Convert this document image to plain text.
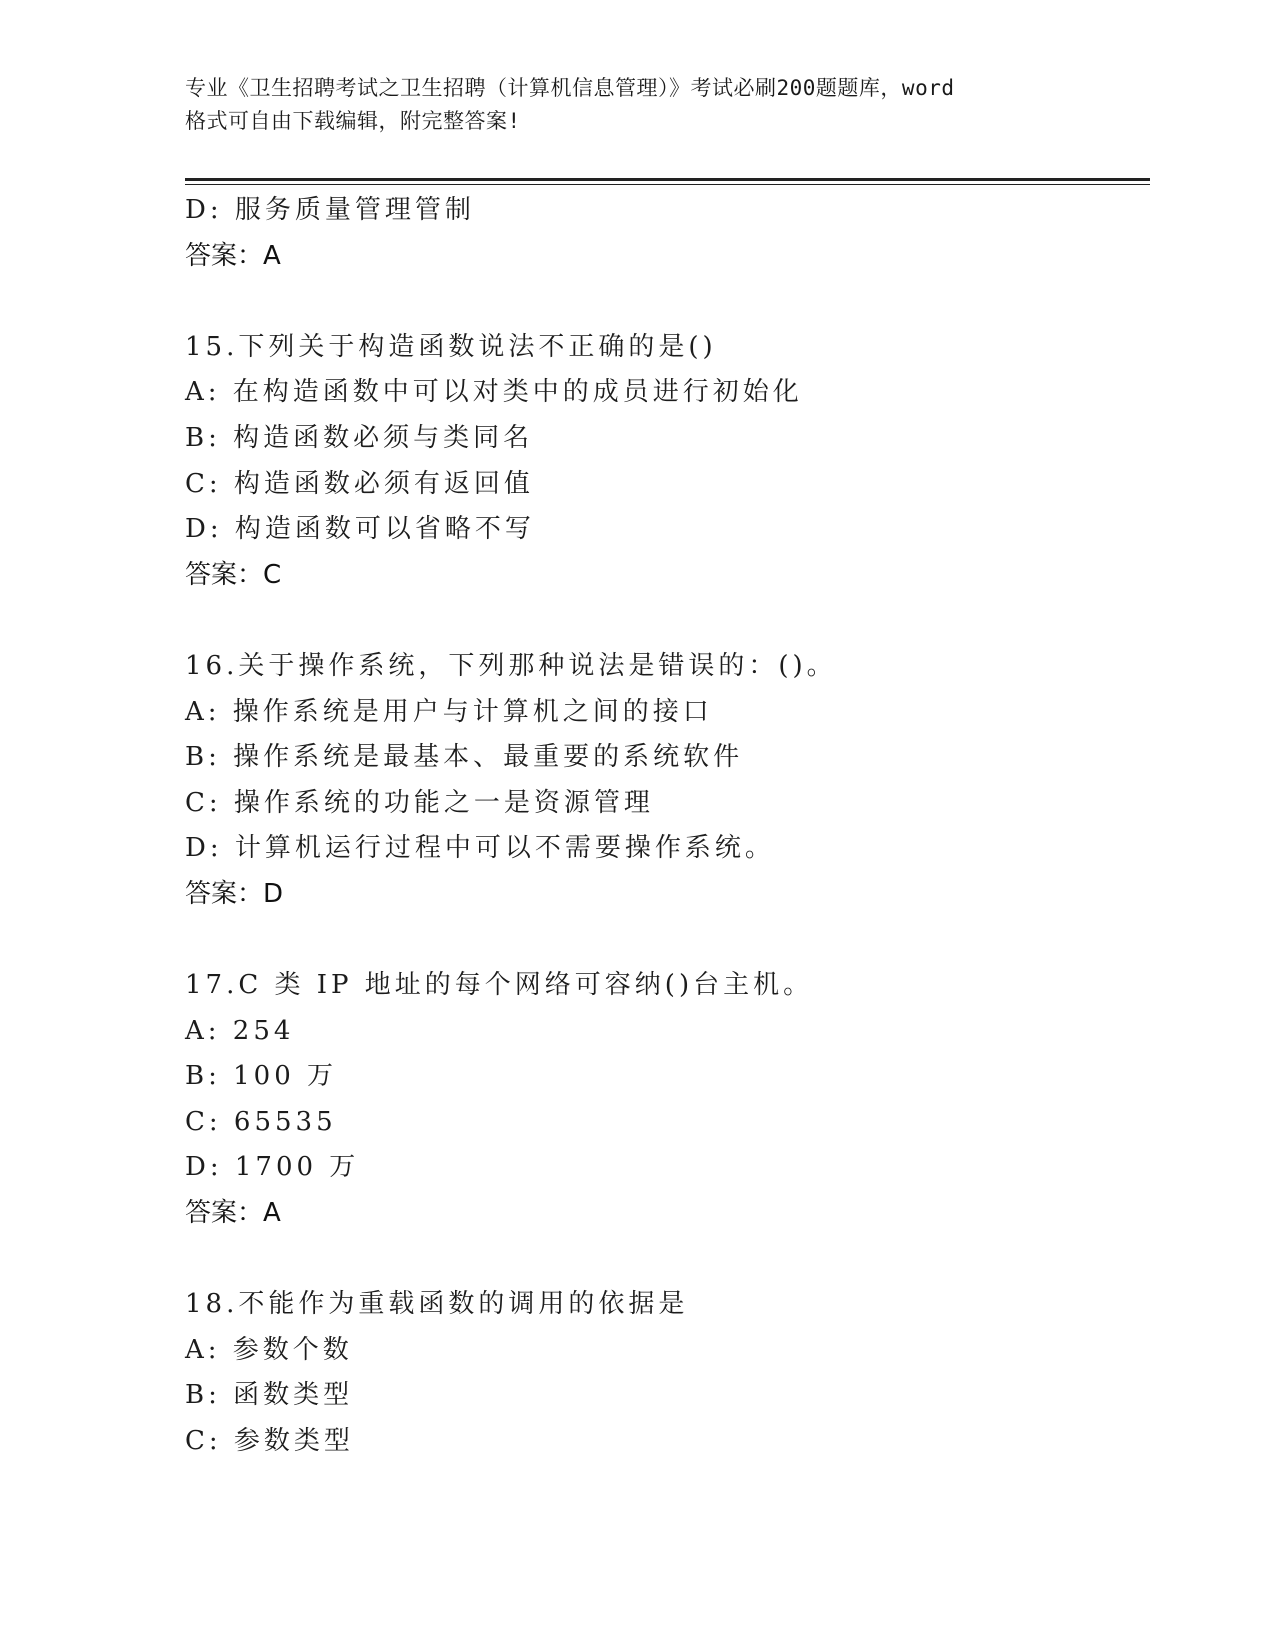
专业《卫生招聘考试之卫生招聘（计算机信息管理）》考试必刷200题题库，word
格式可自由下载编辑，附完整答案!
D: 服务质量管理管制
答案：A
15.下列关于构造函数说法不正确的是()
A: 在构造函数中可以对类中的成员进行初始化
B: 构造函数必须与类同名
C: 构造函数必须有返回值
D: 构造函数可以省略不写
答案：C
16.关于操作系统，下列那种说法是错误的：()。
A: 操作系统是用户与计算机之间的接口
B: 操作系统是最基本、最重要的系统软件
C: 操作系统的功能之一是资源管理
D: 计算机运行过程中可以不需要操作系统。
答案：D
17.C 类 IP 地址的每个网络可容纳()台主机。
A: 254
B: 100 万
C: 65535
D: 1700 万
答案：A
18.不能作为重载函数的调用的依据是
A: 参数个数
B: 函数类型
C: 参数类型
